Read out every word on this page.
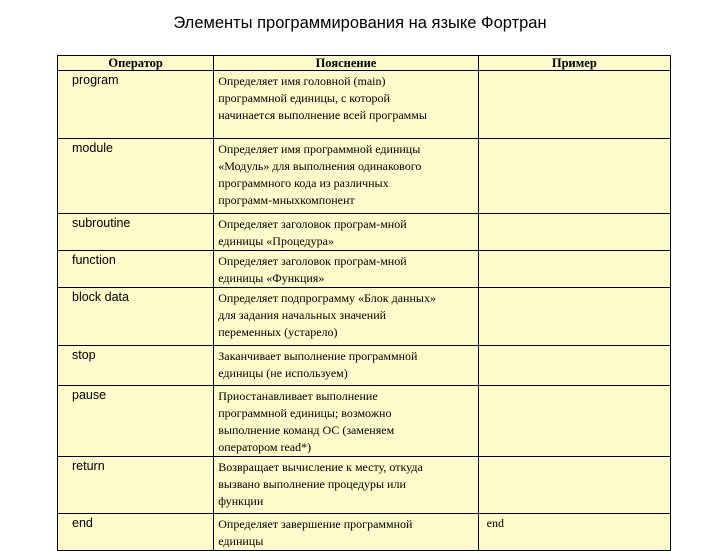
Элементы программирования на языке Фортран
Оператор	Пояснение	Пример
program	Определяет имя головной (main)
программной единицы, с которой
начинается выполнение всей программы	
module	Определяет имя программной единицы
«Модуль» для выполнения одинакового
программного кода из различных
программ-мныхкомпонент	
subroutine	Определяет заголовок програм-мной
единицы «Процедура»	
function	Определяет заголовок програм-мной
единицы «Функция»	
block data	Определяет подпрограмму «Блок данных»
для задания начальных значений
переменных (устарело)	
stop	Заканчивает выполнение программной
единицы (не используем)	
pause	Приостанавливает выполнение
программной единицы; возможно
выполнение команд ОС (заменяем
оператором read*)	
return	Возвращает вычисление к месту, откуда
вызвано выполнение процедуры или
функции	
end	Определяет завершение программной
единицы	end
